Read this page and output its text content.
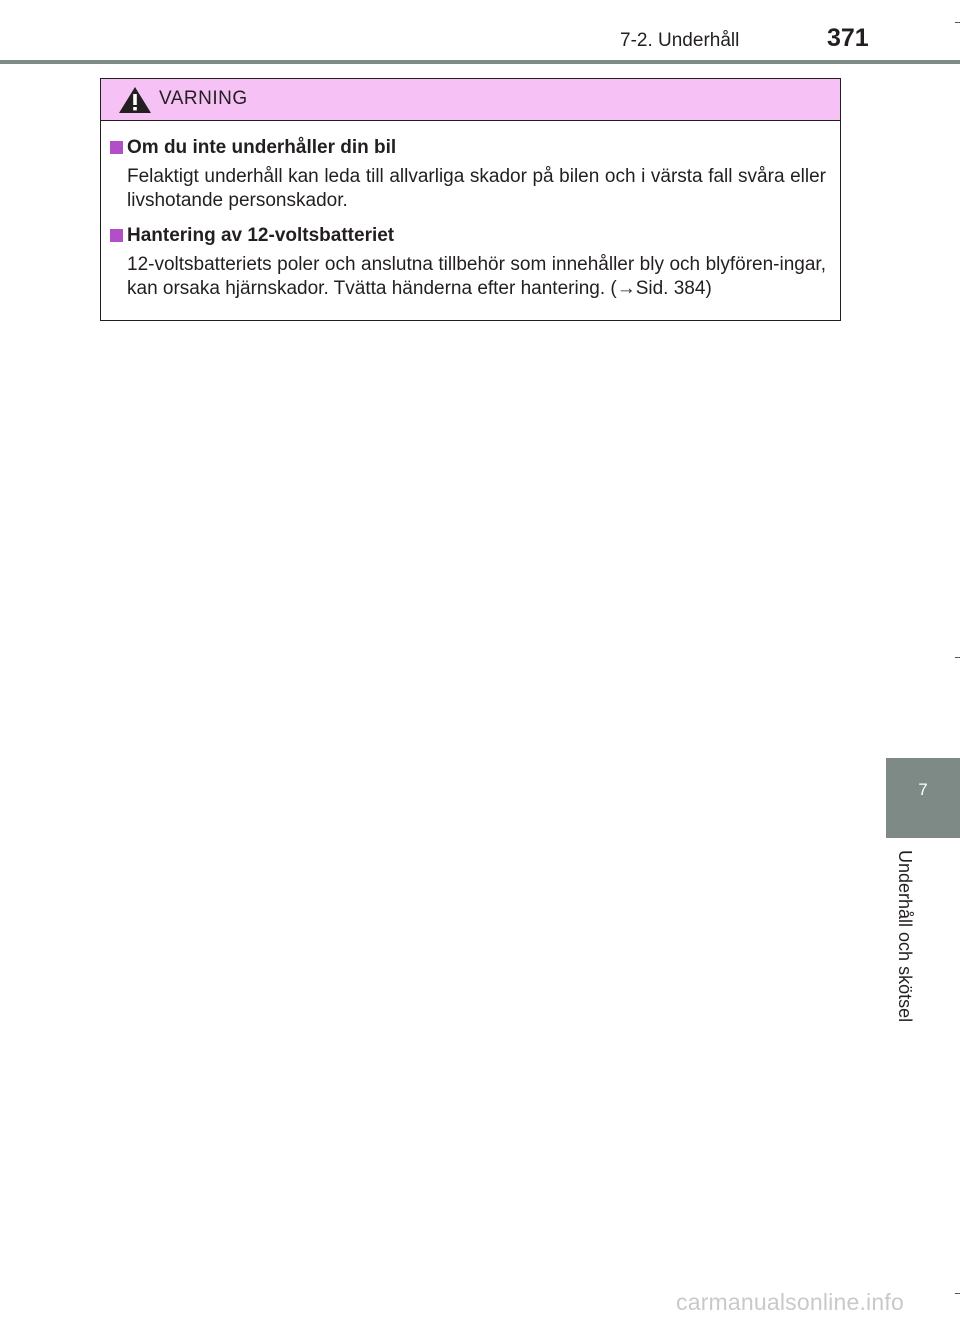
7-2. Underhåll	371
VARNING
Om du inte underhåller din bil
Felaktigt underhåll kan leda till allvarliga skador på bilen och i värsta fall svåra eller livshotande personskador.
Hantering av 12-voltsbatteriet
12-voltsbatteriets poler och anslutna tillbehör som innehåller bly och blyfören-ingar, kan orsaka hjärnskador. Tvätta händerna efter hantering. (→Sid. 384)
7
Underhåll och skötsel
carmanualsonline.info
